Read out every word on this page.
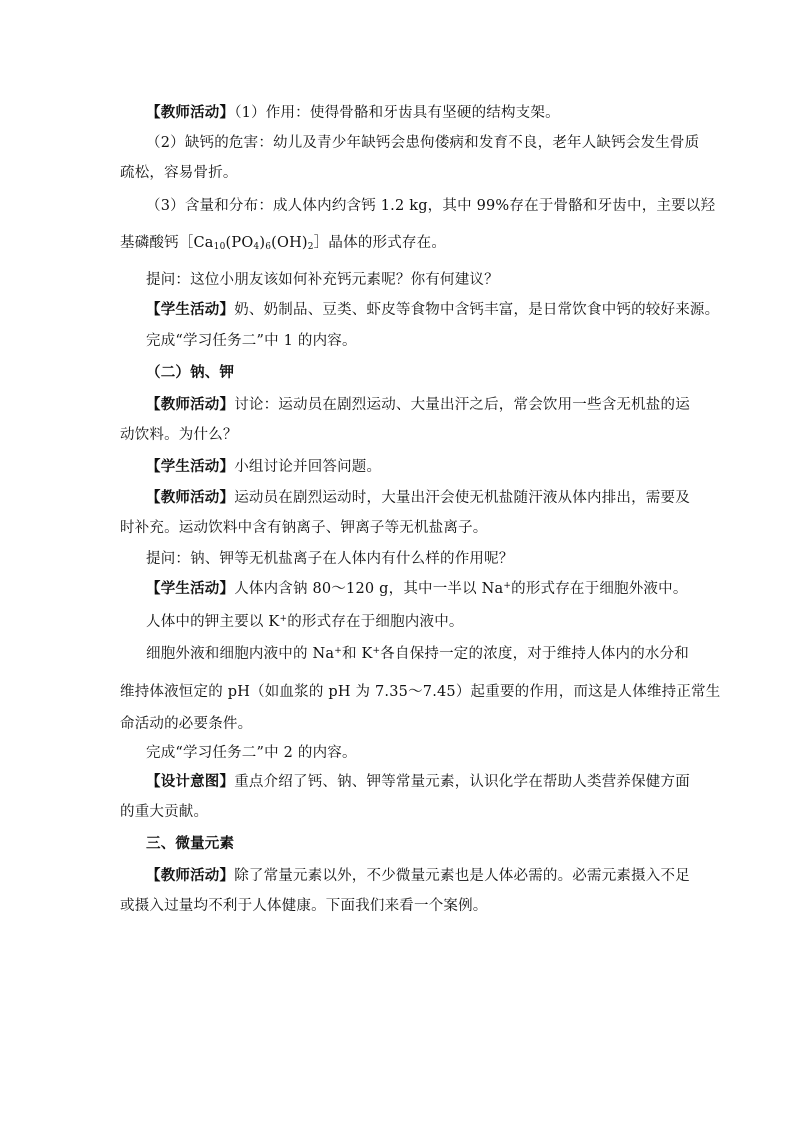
【教师活动】（1）作用：使得骨骼和牙齿具有坚硬的结构支架。
（2）缺钙的危害：幼儿及青少年缺钙会患佝偻病和发育不良，老年人缺钙会发生骨质
疏松，容易骨折。
（3）含量和分布：成人体内约含钙 1.2 kg，其中 99%存在于骨骼和牙齿中，主要以羟
基磷酸钙$[Ca_{10}(PO_4)_6(OH)_2]$晶体的形式存在。
提问：这位小朋友该如何补充钙元素呢？你有何建议？
【学生活动】奶、奶制品、豆类、虾皮等食物中含钙丰富，是日常饮食中钙的较好来源。
完成“学习任务二”中 1 的内容。
（二）钠、钾
【教师活动】讨论：运动员在剧烈运动、大量出汗之后，常会饮用一些含无机盐的运
动饮料。为什么？
【学生活动】小组讨论并回答问题。
【教师活动】运动员在剧烈运动时，大量出汗会使无机盐随汗液从体内排出，需要及
时补充。运动饮料中含有钠离子、钾离子等无机盐离子。
提问：钠、钾等无机盐离子在人体内有什么样的作用呢？
【学生活动】人体内含钠 80～120 g，其中一半以 Na+的形式存在于细胞外液中。
人体中的钾主要以 K+的形式存在于细胞内液中。
细胞外液和细胞内液中的 Na+和 K+各自保持一定的浓度，对于维持人体内的水分和
维持体液恒定的 pH（如血浆的 pH 为 7.35～7.45）起重要的作用，而这是人体维持正常生
命活动的必要条件。
完成“学习任务二”中 2 的内容。
【设计意图】重点介绍了钙、钠、钾等常量元素，认识化学在帮助人类营养保健方面
的重大贡献。
三、微量元素
【教师活动】除了常量元素以外，不少微量元素也是人体必需的。必需元素摄入不足
或摄入过量均不利于人体健康。下面我们来看一个案例。
